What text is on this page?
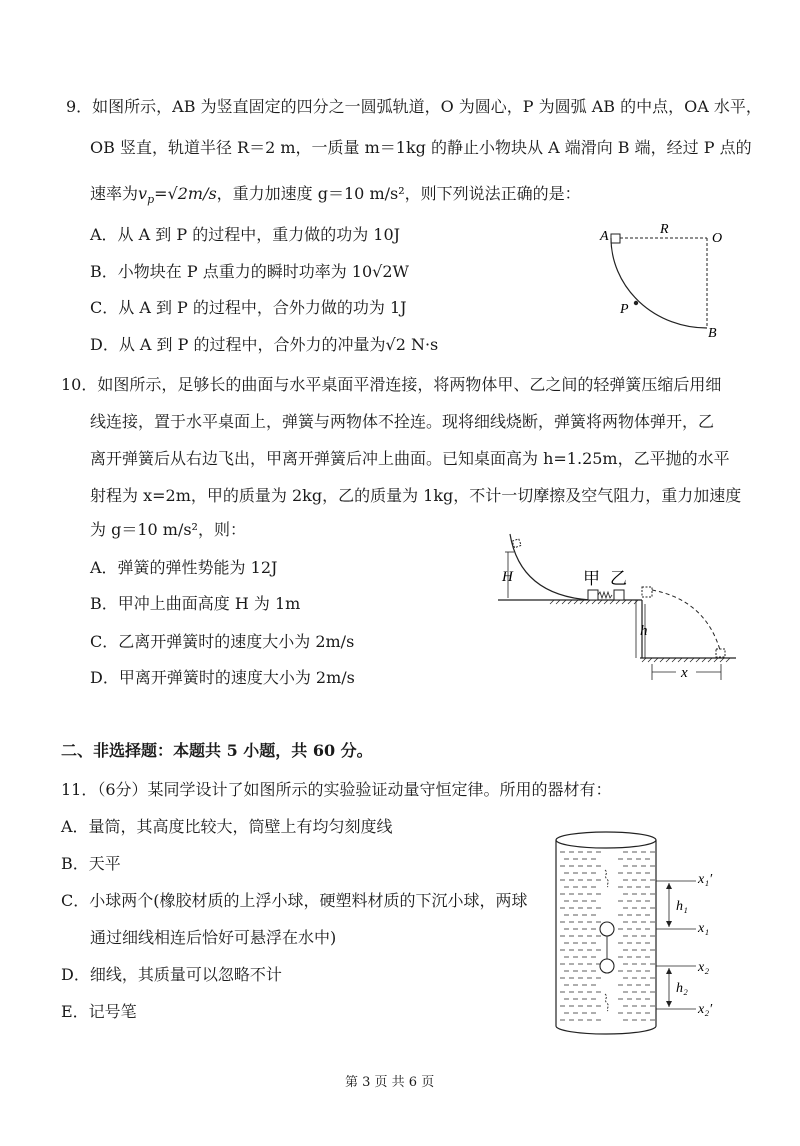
9．如图所示，AB 为竖直固定的四分之一圆弧轨道，O 为圆心，P 为圆弧 AB 的中点，OA 水平，
OB 竖直，轨道半径 R＝2 m，一质量 m＝1kg 的静止小物块从 A 端滑向 B 端，经过 P 点的
速率为$v_p=√2m/s$，重力加速度 g＝10 m/s²，则下列说法正确的是：
A．从 A 到 P 的过程中，重力做的功为 10J
B．小物块在 P 点重力的瞬时功率为 10√2W
C．从 A 到 P 的过程中，合外力做的功为 1J
D．从 A 到 P 的过程中，合外力的冲量为√2 N·s
A	R
O
P
B
10．如图所示，足够长的曲面与水平桌面平滑连接，将两物体甲、乙之间的轻弹簧压缩后用细
线连接，置于水平桌面上，弹簧与两物体不拴连。现将细线烧断，弹簧将两物体弹开，乙
离开弹簧后从右边飞出，甲离开弹簧后冲上曲面。已知桌面高为 h=1.25m，乙平抛的水平
射程为 x=2m，甲的质量为 2kg，乙的质量为 1kg，不计一切摩擦及空气阻力，重力加速度
为 g＝10 m/s²，则：
A．弹簧的弹性势能为 12J
B．甲冲上曲面高度 H 为 1m
C．乙离开弹簧时的速度大小为 2m/s
D．甲离开弹簧时的速度大小为 2m/s
H	甲 乙
h
x
二、非选择题：本题共 5 小题，共 60 分。
11．（6分）某同学设计了如图所示的实验验证动量守恒定律。所用的器材有：
A．量筒，其高度比较大，筒壁上有均匀刻度线
B．天平
C．小球两个(橡胶材质的上浮小球，硬塑料材质的下沉小球，两球
通过细线相连后恰好可悬浮在水中)
D．细线，其质量可以忽略不计
E．记号笔
x₁′
h₁
x₁
x₂
h₂
x₂′
第 3 页 共 6 页
